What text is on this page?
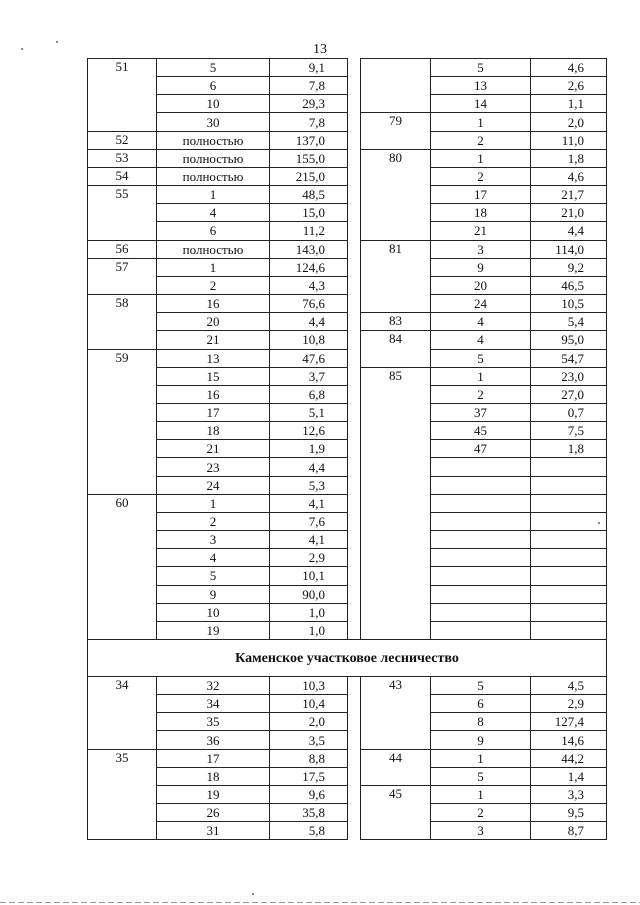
13
51	5	9,1			5	4,6
	6	7,8			13	2,6
	10	29,3			14	1,1
	30	7,8		79	1	2,0
52	полностью	137,0			2	11,0
53	полностью	155,0		80	1	1,8
54	полностью	215,0			2	4,6
55	1	48,5			17	21,7
	4	15,0			18	21,0
	6	11,2			21	4,4
56	полностью	143,0		81	3	114,0
57	1	124,6			9	9,2
	2	4,3			20	46,5
58	16	76,6			24	10,5
	20	4,4		83	4	5,4
	21	10,8		84	4	95,0
59	13	47,6			5	54,7
	15	3,7		85	1	23,0
	16	6,8			2	27,0
	17	5,1			37	0,7
	18	12,6			45	7,5
	21	1,9			47	1,8
	23	4,4				
	24	5,3				
60	1	4,1				
	2	7,6				
	3	4,1				
	4	2,9				
	5	10,1				
	9	90,0				
	10	1,0				
	19	1,0				
Каменское участковое лесничество						
34	32	10,3		43	5	4,5
	34	10,4			6	2,9
	35	2,0			8	127,4
	36	3,5			9	14,6
35	17	8,8		44	1	44,2
	18	17,5			5	1,4
	19	9,6		45	1	3,3
	26	35,8			2	9,5
	31	5,8			3	8,7
